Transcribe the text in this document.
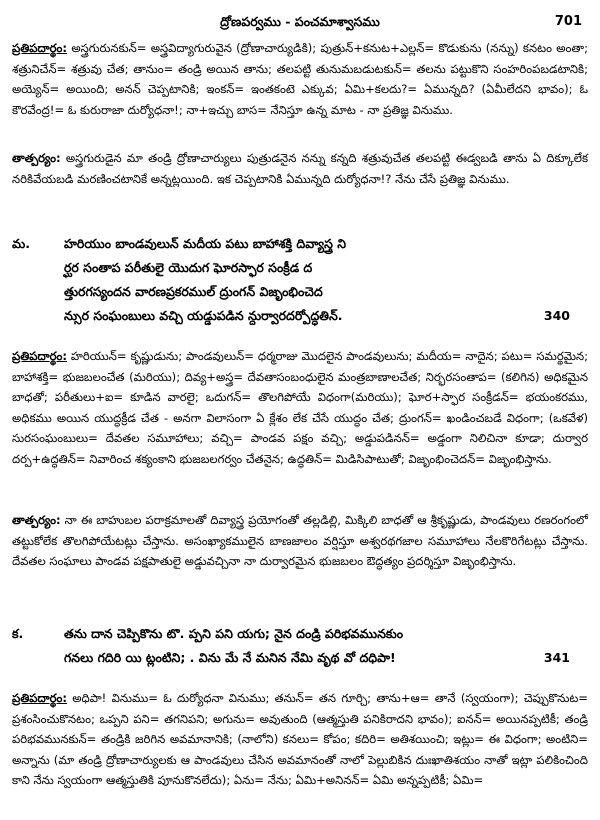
ద్రోణపర్వము - పంచమాశ్వాసము	701
ప్రతిపదార్థం: అస్త్రగురునకున్= అస్త్రవిద్యాగురువైన (ద్రోణాచార్యుడికి); పుత్రున్+కనుట+ఎల్లన్= కొడుకును (నన్ను) కనటం అంతా; శత్రునిచేన్= శత్రువు చేత; తానుం= తండ్రి అయిన తాను; తలపట్టి తునుమబడుటకున్= తలను పట్టుకొని సంహరింపబడటానికి; అయ్యెన్= అయింది; అనన్ చెప్పటానికి; ఇంకన్= ఇంతకంటె ఎక్కువ; ఏమి+కలదు?= ఏమున్నది? (ఏమీలేదని భావం); ఓ కౌరవేంద్ర!= ఓ కురురాజా దుర్యోధనా!; నా+ఇచ్చు బాస= నేనిస్తూ ఉన్న మాట - నా ప్రతిజ్ఞ వినుము.
తాత్పర్యం: అస్త్రగురుడైన మా తండ్రి ద్రోణాచార్యులు పుత్రుడనైన నన్ను కన్నది శత్రువుచేత తలపట్టి ఈడ్వబడి తాను ఏ దిక్కూలేక నరికివేయబడి మరణించటానికే అన్నట్లయింది. ఇక చెప్పటానికి ఏమున్నది దుర్యోధనా!? నేను చేసే ప్రతిజ్ఞ వినుము.
మ.	హరియుం బాండవులున్ మదీయ పటు బాహాశక్తి దివ్యాస్త్ర ని
ర్ఘర సంతాప పరీతులై యొదుగ ఘోరస్ఫార సంక్రీడ ద
త్తురగస్యందన వారణప్రకరముల్ ద్రుంగన్ విజృంభించెద
న్సుర సంఘంబులు వచ్చి యడ్డుపడిన న్దుర్వారదర్పోద్ధతిన్.	340
ప్రతిపదార్థం: హరియున్= కృష్ణుడును; పాండవులున్= ధర్మరాజు మొదలైన పాండవులును; మదీయ= నాదైన; పటు= సమర్థమైన; బాహాశక్తి= భుజబలంచేత (మరియు); దివ్య+అస్త్ర= దేవతాసంబంధులైన మంత్రబాణాలచేత; నిర్భరసంతాప= (కలిగిన) అధికమైన బాధతో; పరీతులు+ఐ= కూడిన వారలై; ఒదుగన్= తొలగిపోయే విధంగా(మరియు); ఘోర+స్ఫార సంక్రీడన్= భయంకరము, అధికము అయిన యుద్ధక్రీడ చేత - అనగా విలాసంగా ఏ క్లేశం లేక చేసే యుద్ధం చేత; ద్రుంగన్= ఖండించబడే విధంగా; (ఒకవేళ) సురసంఘంబులు= దేవతల సమూహాలు; వచ్చి= పాండవ పక్షం వచ్చి; అడ్డుపడినన్= అడ్డంగా నిలిచినా కూడా; దుర్వార దర్ప+ఉద్ధతిన్= నివారించ శక్యంకాని భుజబలగర్వం చేతనైన; ఉద్ధతిన్= మిడిసిపాటుతో; విజృంభించెదన్= విజృంభిస్తాను.
తాత్పర్యం: నా ఈ బాహుబల పరాక్రమాలతో దివ్యాస్త్ర ప్రయోగంతో తల్లడిల్లి, మిక్కిలి బాధతో ఆ శ్రీకృష్ణుడు, పాండవులు రణరంగంలో తట్టుకోలేక తొలగిపోయేటట్లు చేస్తాను. అసంఖ్యాకములైన బాణజాలం వర్షిస్తూ అశ్వరథగజాల సమూహాలు నేలకొరిగేటట్లు చేస్తాను. దేవతల సంఘాలు పాండవ పక్షపాతులై అడ్డువచ్చినా నా దుర్వారమైన భుజబలం ఔద్ధత్యం ప్రదర్శిస్తూ విజృంభిస్తాను.
క.	తను దాన చెప్పికొను టొ. ప్పని పని యగు; నైన దండ్రి పరిభవమునకుం
గనలు గదిరి యి ట్లంటిని; . విను మే నే మనిన నేమి వృథ వో దధిపా!	341
ప్రతిపదార్థం: అధిపా! వినుము= ఓ దుర్యోధనా వినుము; తనున్= తన గూర్చి; తాను+ఆ= తానే (స్వయంగా); చెప్పుకొనుట= ప్రశంసించుకొనటం; ఒప్పని పని= తగనిపని; అగును= అవుతుంది (ఆత్మస్తుతి పనికిరాదని భావం); ఐనన్= అయినప్పటికీ; తండ్రి పరిభవమునకున్= తండ్రికి జరిగిన అవమానానికి; (నాలోని) కనలు= కోపం; కదిరి= అతిశయించి; ఇట్లు= ఈ విధంగా; అంటిని= అన్నాను (మా తండ్రి ద్రోణాచార్యులకు ఆ పాండవులు చేసిన అవమానంతో నాలో పెల్లుబికిన దుఃఖాతిశయం నాతో ఇట్లా పలికించింది కాని నేను స్వయంగా ఆత్మస్తుతికి పూనుకొనలేదు); ఏను= నేను; ఏమి+అనినన్= ఏమి అన్నప్పటికీ; ఏమి=
